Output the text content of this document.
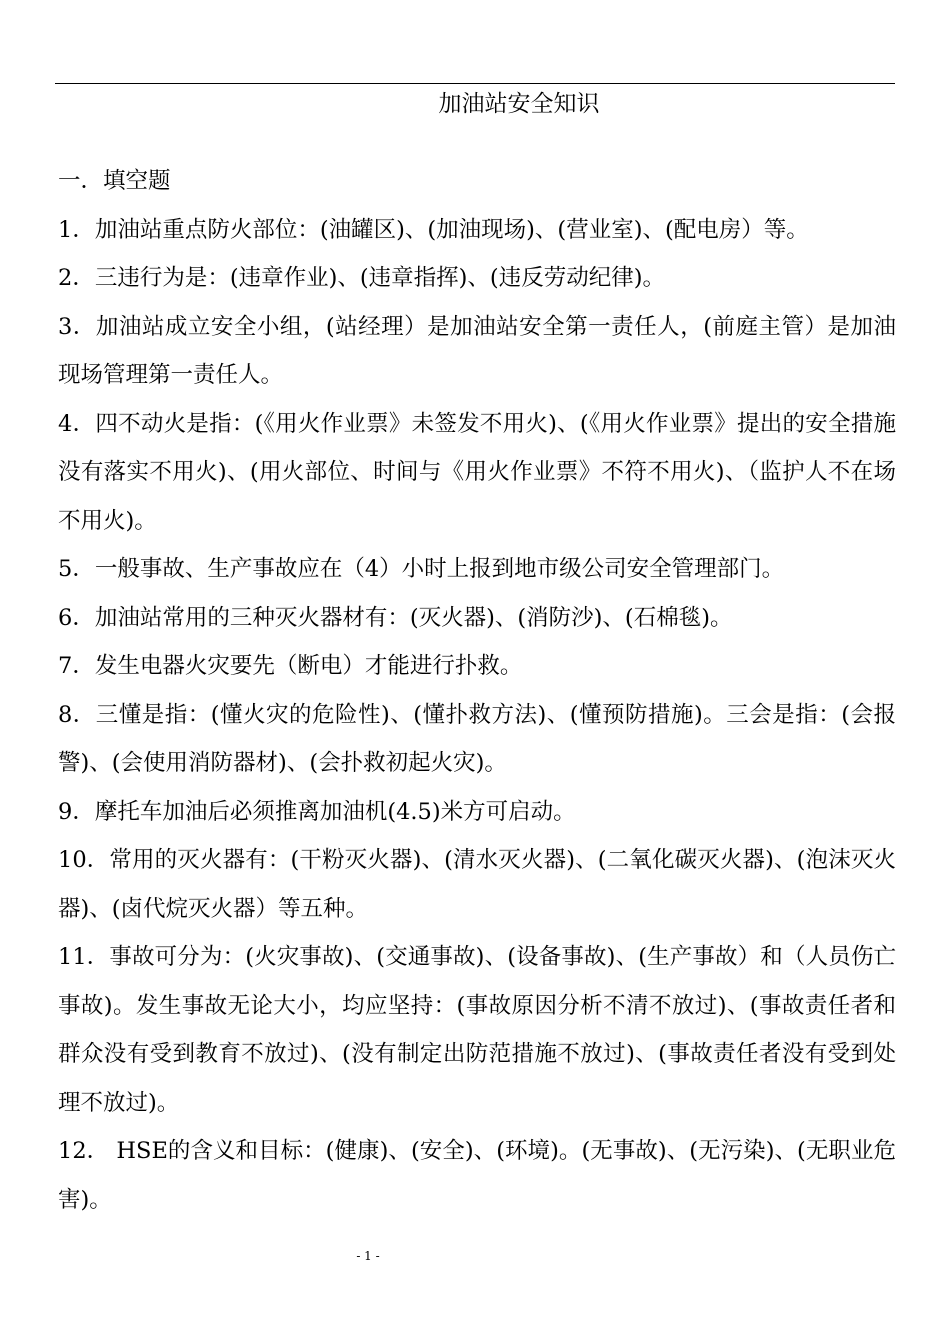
加油站安全知识

一．填空题

1．加油站重点防火部位：(油罐区)、(加油现场)、(营业室)、(配电房）等。

2．三违行为是：(违章作业)、(违章指挥)、(违反劳动纪律)。

3．加油站成立安全小组，(站经理）是加油站安全第一责任人，(前庭主管）是加油现场管理第一责任人。

4．四不动火是指：(《用火作业票》未签发不用火)、(《用火作业票》提出的安全措施没有落实不用火)、(用火部位、时间与《用火作业票》不符不用火)、（监护人不在场不用火)。

5．一般事故、生产事故应在（4）小时上报到地市级公司安全管理部门。

6．加油站常用的三种灭火器材有：(灭火器)、(消防沙)、(石棉毯)。

7．发生电器火灾要先（断电）才能进行扑救。

8．三懂是指：(懂火灾的危险性)、(懂扑救方法)、(懂预防措施)。三会是指：(会报警)、(会使用消防器材)、(会扑救初起火灾)。

9．摩托车加油后必须推离加油机(4.5)米方可启动。

10．常用的灭火器有：(干粉灭火器)、(清水灭火器)、(二氧化碳灭火器)、(泡沫灭火器)、(卤代烷灭火器）等五种。

11．事故可分为：(火灾事故)、(交通事故)、(设备事故)、(生产事故）和（人员伤亡事故)。发生事故无论大小，均应坚持：(事故原因分析不清不放过)、(事故责任者和群众没有受到教育不放过)、(没有制定出防范措施不放过)、(事故责任者没有受到处理不放过)。

12． HSE的含义和目标：(健康)、(安全)、(环境)。(无事故)、(无污染)、(无职业危害)。

- 1 -
